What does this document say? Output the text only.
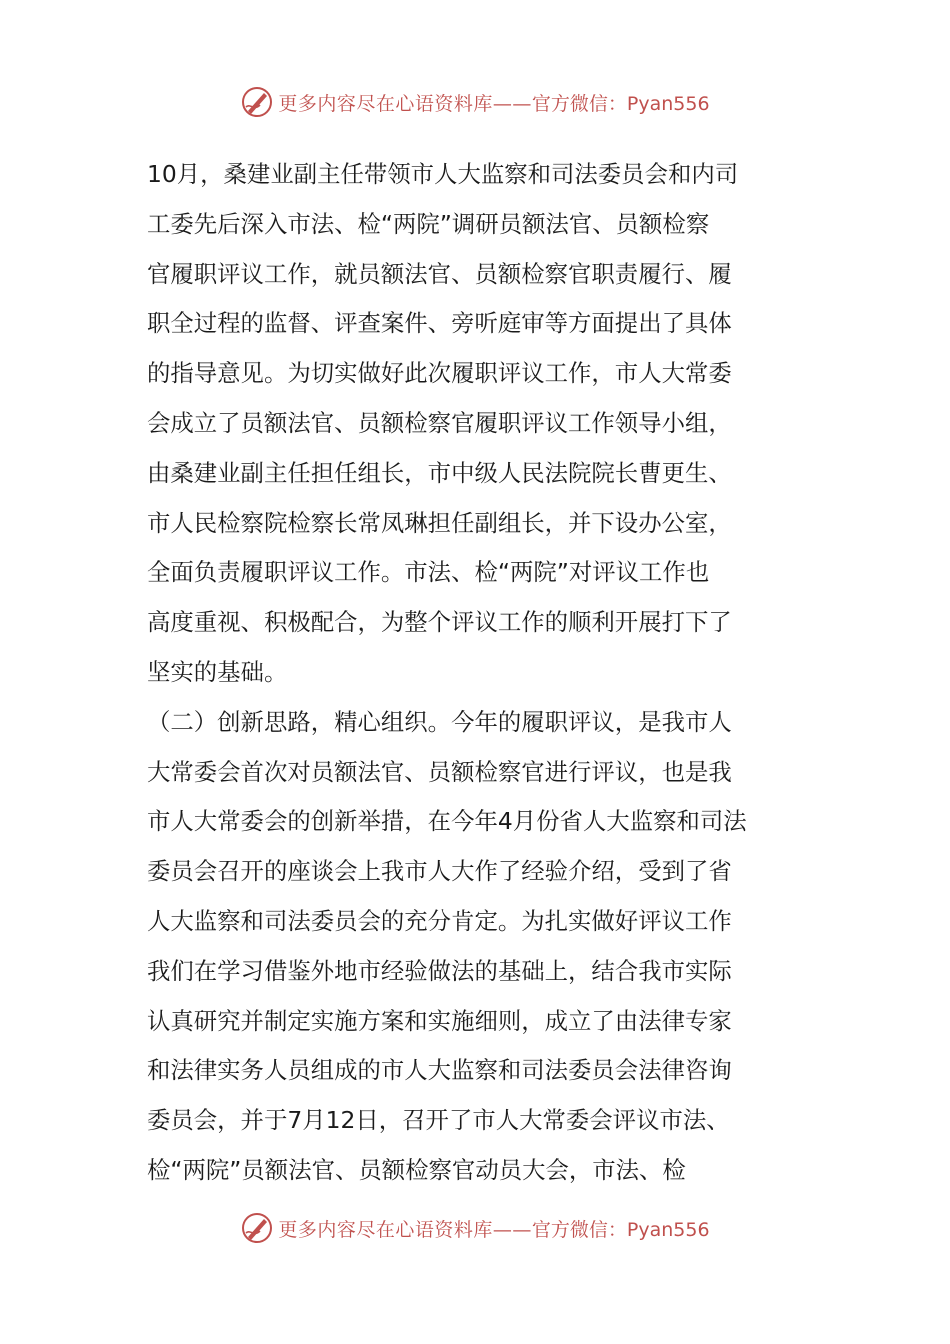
更多内容尽在心语资料库—— 官方微信：Pyan556
10月，桑建业副主任带领市人大监察和司法委员会和内司
工委先后深入市法、检“两院”调研员额法官、员额检察
官履职评议工作，就员额法官、员额检察官职责履行、履
职全过程的监督、评查案件、旁听庭审等方面提出了具体
的指导意见。为切实做好此次履职评议工作，市人大常委
会成立了员额法官、员额检察官履职评议工作领导小组，
由桑建业副主任担任组长，市中级人民法院院长曹更生、
市人民检察院检察长常凤琳担任副组长，并下设办公室，
全面负责履职评议工作。市法、检“两院”对评议工作也
高度重视、积极配合，为整个评议工作的顺利开展打下了
坚实的基础。
（二）创新思路，精心组织。今年的履职评议，是我市人
大常委会首次对员额法官、员额检察官进行评议，也是我
市人大常委会的创新举措，在今年4月份省人大监察和司法
委员会召开的座谈会上我市人大作了经验介绍，受到了省
人大监察和司法委员会的充分肯定。为扎实做好评议工作
我们在学习借鉴外地市经验做法的基础上，结合我市实际
认真研究并制定实施方案和实施细则，成立了由法律专家
和法律实务人员组成的市人大监察和司法委员会法律咨询
委员会，并于7月12日，召开了市人大常委会评议市法、
检“两院”员额法官、员额检察官动员大会，市法、检
更多内容尽在心语资料库—— 官方微信：Pyan556
